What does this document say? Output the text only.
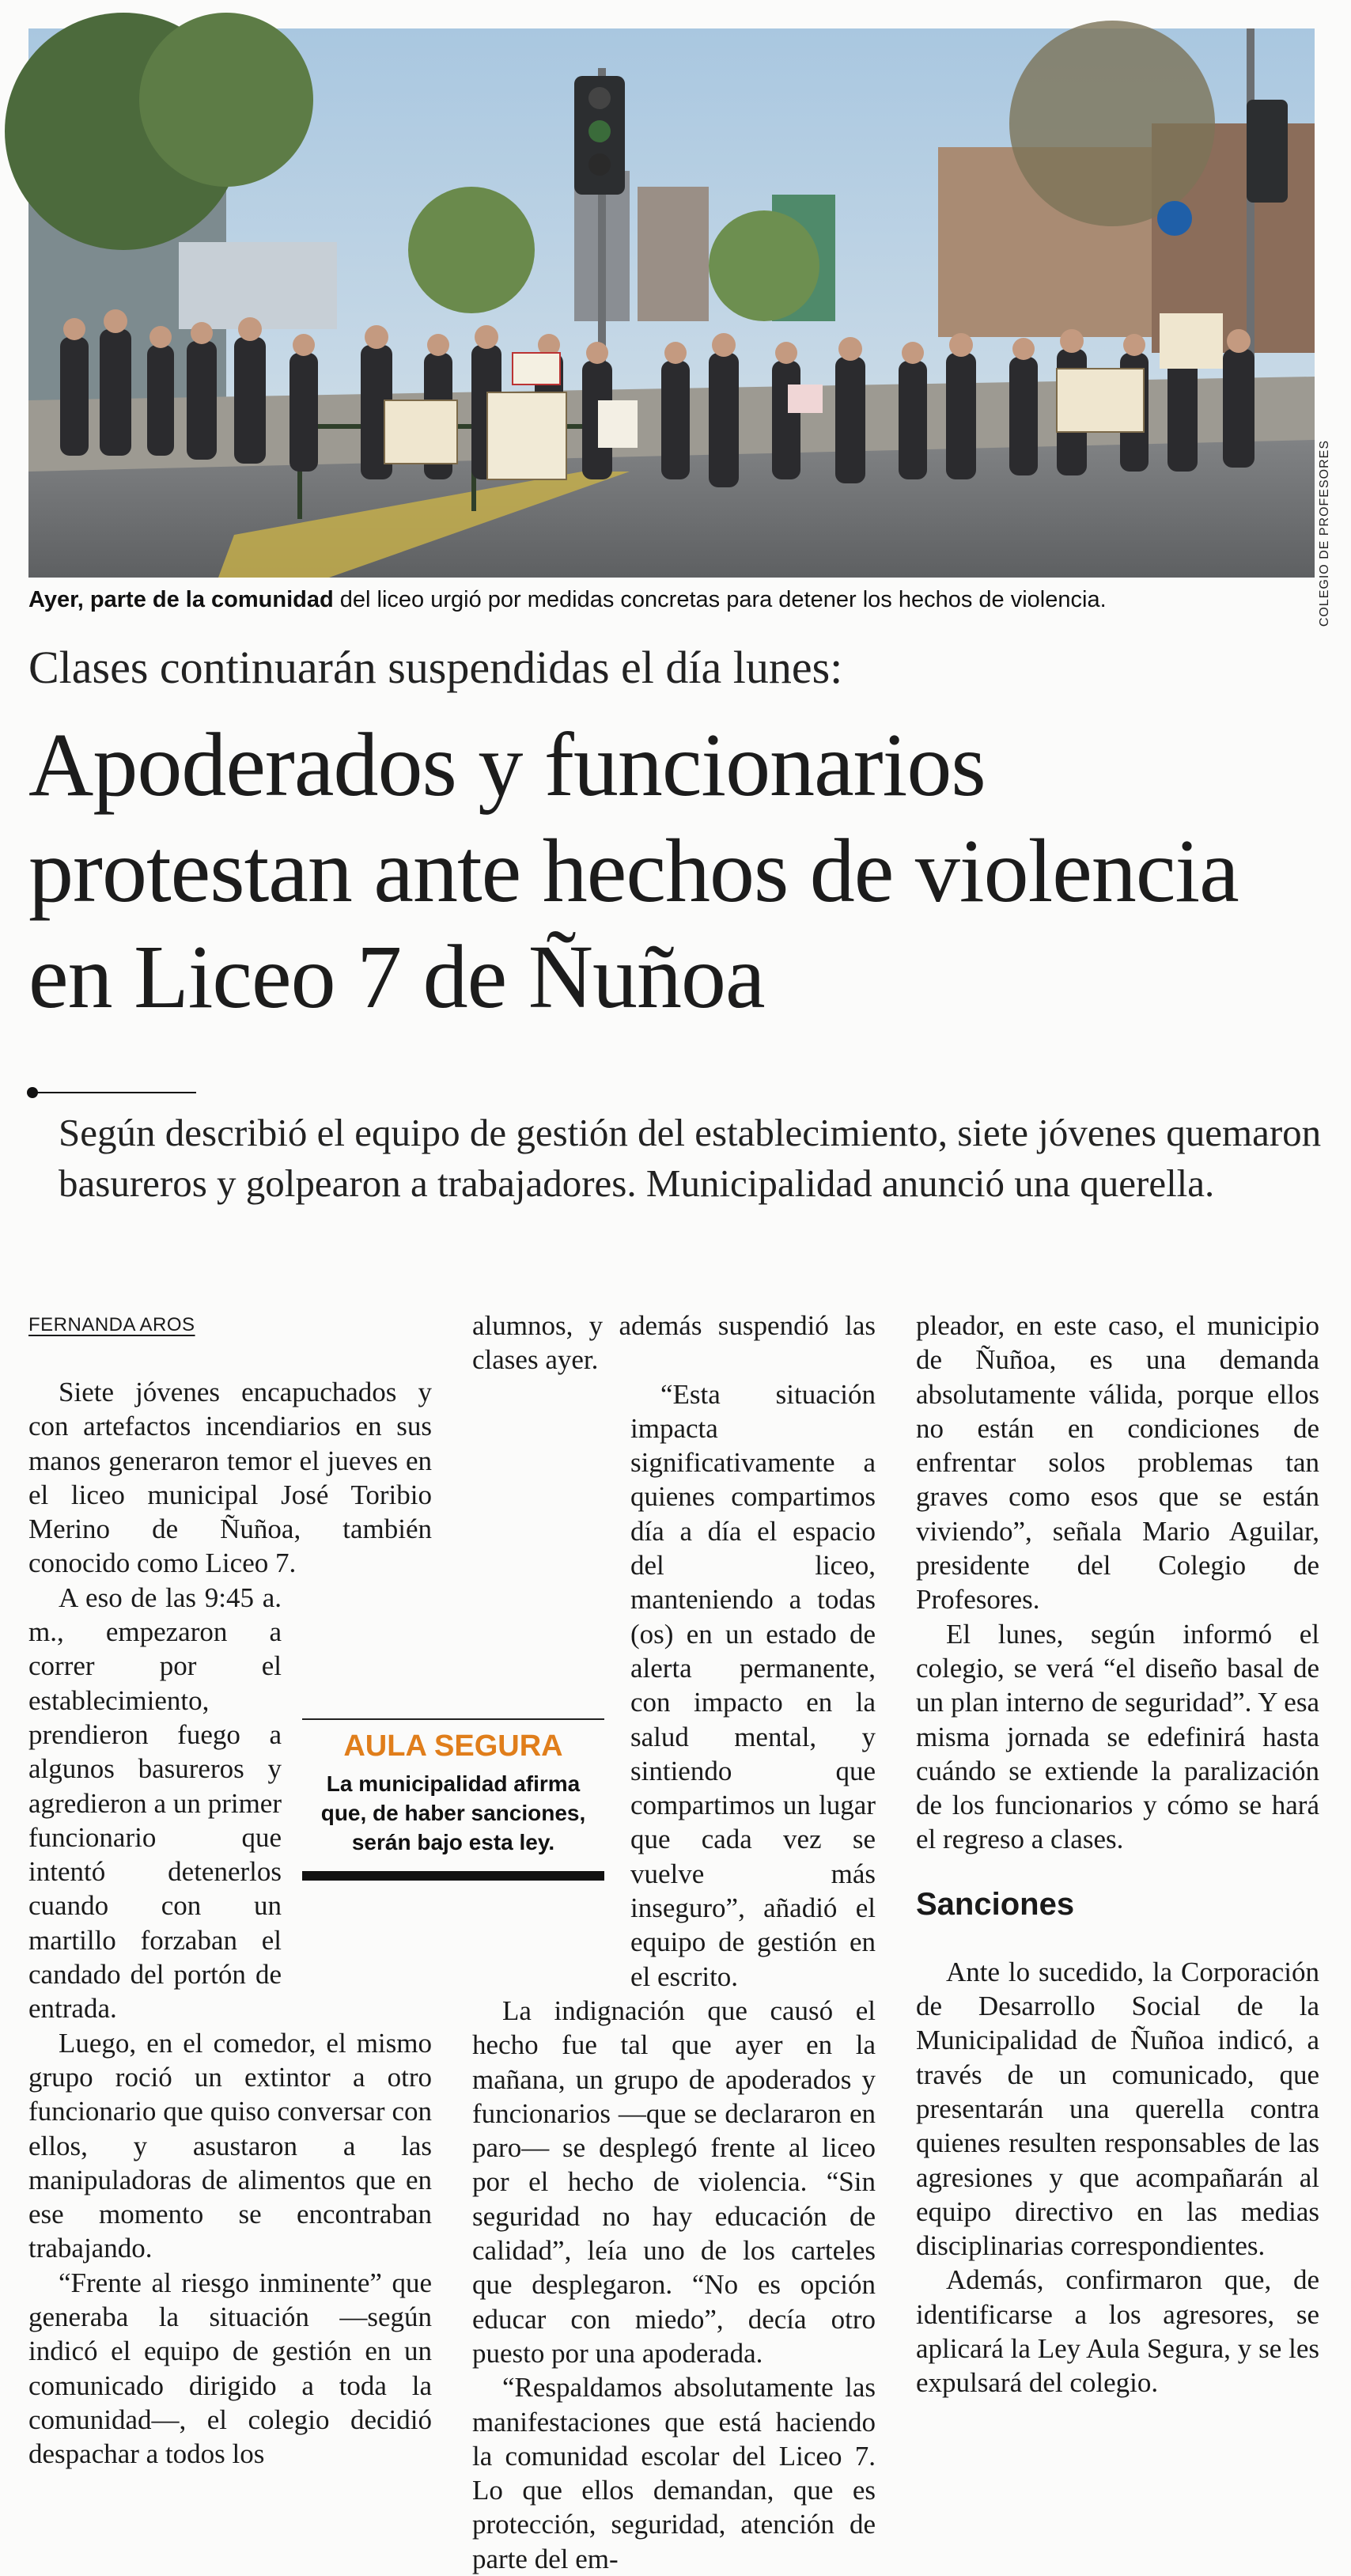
COLEGIO DE PROFESORES
Ayer, parte de la comunidad del liceo urgió por medidas concretas para detener los hechos de violencia.
Clases continuarán suspendidas el día lunes:
Apoderados y funcionarios protestan ante hechos de violencia en Liceo 7 de Ñuñoa
Según describió el equipo de gestión del establecimiento, siete jóvenes quemaron basureros y golpearon a trabajadores. Municipalidad anunció una querella.
FERNANDA AROS

Siete jóvenes encapuchados y con artefactos incendiarios en sus manos generaron temor el jueves en el liceo municipal José Toribio Merino de Ñuñoa, también conocido como Liceo 7.

A eso de las 9:45 a. m., empezaron a correr por el establecimiento, prendieron fuego a algunos basureros y agredieron a un primer funcionario que intentó detenerlos cuando con un martillo forzaban el candado del portón de entrada.

Luego, en el comedor, el mismo grupo roció un extintor a otro funcionario que quiso conversar con ellos, y asustaron a las manipuladoras de alimentos que en ese momento se encontraban trabajando.

“Frente al riesgo inminente” que generaba la situación —según indicó el equipo de gestión en un comunicado dirigido a toda la comunidad—, el colegio decidió despachar a todos los

alumnos, y además suspendió las clases ayer.

“Esta situación impacta significativamente a quienes compartimos día a día el espacio del liceo, manteniendo a todas (os) en un estado de alerta permanente, con impacto en la salud mental, y sintiendo que compartimos un lugar que cada vez se vuelve más inseguro”, añadió el equipo de gestión en el escrito.

La indignación que causó el hecho fue tal que ayer en la mañana, un grupo de apoderados y funcionarios —que se declararon en paro— se desplegó frente al liceo por el hecho de violencia. “Sin seguridad no hay educación de calidad”, leía uno de los carteles que desplegaron. “No es opción educar con miedo”, decía otro puesto por una apoderada.

“Respaldamos absolutamente las manifestaciones que está haciendo la comunidad escolar del Liceo 7. Lo que ellos demandan, que es protección, seguridad, atención de parte del em-

pleador, en este caso, el municipio de Ñuñoa, es una demanda absolutamente válida, porque ellos no están en condiciones de enfrentar solos problemas tan graves como esos que se están viviendo”, señala Mario Aguilar, presidente del Colegio de Profesores.

El lunes, según informó el colegio, se verá “el diseño basal de un plan interno de seguridad”. Y esa misma jornada se edefinirá hasta cuándo se extiende la paralización de los funcionarios y cómo se hará el regreso a clases.

Sanciones

Ante lo sucedido, la Corporación de Desarrollo Social de la Municipalidad de Ñuñoa indicó, a través de un comunicado, que presentarán una querella contra quienes resulten responsables de las agresiones y que acompañarán al equipo directivo en las medias disciplinarias correspondientes.

Además, confirmaron que, de identificarse a los agresores, se aplicará la Ley Aula Segura, y se les expulsará del colegio.

AULA SEGURA
La municipalidad afirma que, de haber sanciones, serán bajo esta ley.
